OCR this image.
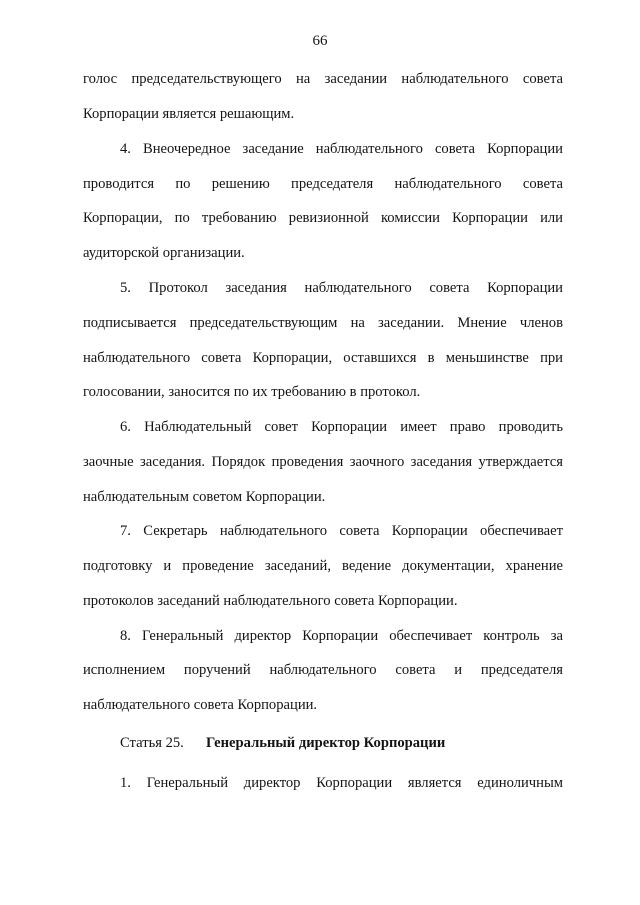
66
голос председательствующего на заседании наблюдательного совета
Корпорации является решающим.
4. Внеочередное заседание наблюдательного совета Корпорации
проводится по решению председателя наблюдательного совета
Корпорации, по требованию ревизионной комиссии Корпорации или
аудиторской организации.
5. Протокол заседания наблюдательного совета Корпорации
подписывается председательствующим на заседании. Мнение членов
наблюдательного совета Корпорации, оставшихся в меньшинстве при
голосовании, заносится по их требованию в протокол.
6. Наблюдательный совет Корпорации имеет право проводить
заочные заседания. Порядок проведения заочного заседания утверждается
наблюдательным советом Корпорации.
7. Секретарь наблюдательного совета Корпорации обеспечивает
подготовку и проведение заседаний, ведение документации, хранение
протоколов заседаний наблюдательного совета Корпорации.
8. Генеральный директор Корпорации обеспечивает контроль за
исполнением поручений наблюдательного совета и председателя
наблюдательного совета Корпорации.
1. Генеральный директор Корпорации является единоличным
Статья 25. Генеральный директор Корпорации
